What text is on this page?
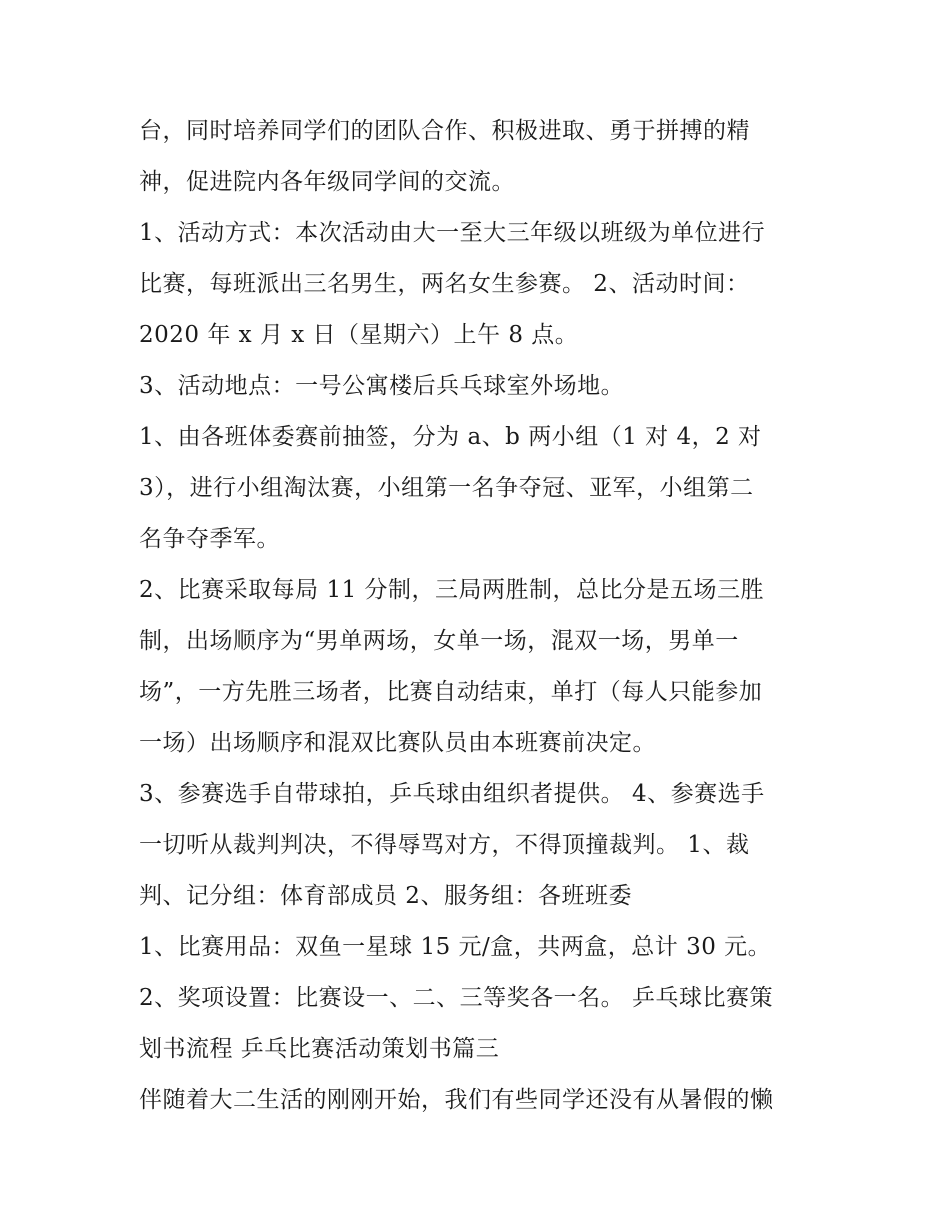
台，同时培养同学们的团队合作、积极进取、勇于拼搏的精
神，促进院内各年级同学间的交流。
1、活动方式：本次活动由大一至大三年级以班级为单位进行
比赛，每班派出三名男生，两名女生参赛。 2、活动时间：
2020 年 x 月 x 日（星期六）上午 8 点。
3、活动地点：一号公寓楼后兵乓球室外场地。
1、由各班体委赛前抽签，分为 a、b 两小组（1 对 4，2 对
3），进行小组淘汰赛，小组第一名争夺冠、亚军，小组第二
名争夺季军。
2、比赛采取每局 11 分制，三局两胜制，总比分是五场三胜
制，出场顺序为“男单两场，女单一场，混双一场，男单一
场”，一方先胜三场者，比赛自动结束，单打（每人只能参加
一场）出场顺序和混双比赛队员由本班赛前决定。
3、参赛选手自带球拍，乒乓球由组织者提供。 4、参赛选手
一切听从裁判判决，不得辱骂对方，不得顶撞裁判。 1、裁
判、记分组：体育部成员 2、服务组：各班班委
1、比赛用品：双鱼一星球 15 元/盒，共两盒，总计 30 元。
2、奖项设置：比赛设一、二、三等奖各一名。 乒乓球比赛策
划书流程 乒乓比赛活动策划书篇三
伴随着大二生活的刚刚开始，我们有些同学还没有从暑假的懒
